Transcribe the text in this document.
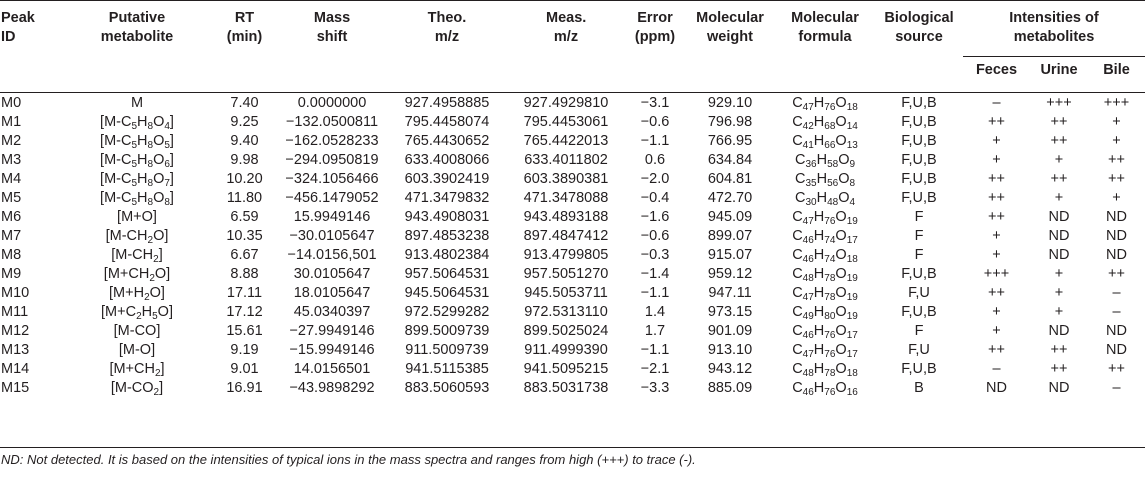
Peak ID	Putative metabolite	RT (min)	Mass shift	Theo. m/z	Meas. m/z	Error (ppm)	Molecular weight	Molecular formula	Biological source	Intensities of metabolites		
										Feces	Urine	Bile
M0	M	7.40	0.0000000	927.4958885	927.4929810	−3.1	929.10	$C_{47}H_{76}O_{18}$	F,U,B	–	+++	+++
M1	$[M-C_5H_8O_4]$	9.25	−132.0500811	795.4458074	795.4453061	−0.6	796.98	$C_{42}H_{68}O_{14}$	F,U,B	++	++	+
M2	$[M-C_5H_8O_5]$	9.40	−162.0528233	765.4430652	765.4422013	−1.1	766.95	$C_{41}H_{66}O_{13}$	F,U,B	+	++	+
M3	$[M-C_5H_8O_6]$	9.98	−294.0950819	633.4008066	633.4011802	0.6	634.84	$C_{36}H_{58}O_9$	F,U,B	+	+	++
M4	$[M-C_5H_8O_7]$	10.20	−324.1056466	603.3902419	603.3890381	−2.0	604.81	$C_{35}H_{56}O_8$	F,U,B	++	++	++
M5	$[M-C_5H_8O_8]$	11.80	−456.1479052	471.3479832	471.3478088	−0.4	472.70	$C_{30}H_{48}O_4$	F,U,B	++	+	+
M6	[M+O]	6.59	15.9949146	943.4908031	943.4893188	−1.6	945.09	$C_{47}H_{76}O_{19}$	F	++	ND	ND
M7	$[M-CH_2O]$	10.35	−30.0105647	897.4853238	897.4847412	−0.6	899.07	$C_{46}H_{74}O_{17}$	F	+	ND	ND
M8	$[M-CH_2]$	6.67	−14.0156,501	913.4802384	913.4799805	−0.3	915.07	$C_{46}H_{74}O_{18}$	F	+	ND	ND
M9	$[M+CH_2O]$	8.88	30.0105647	957.5064531	957.5051270	−1.4	959.12	$C_{48}H_{78}O_{19}$	F,U,B	+++	+	++
M10	$[M+H_2O]$	17.11	18.0105647	945.5064531	945.5053711	−1.1	947.11	$C_{47}H_{78}O_{19}$	F,U	++	+	–
M11	$[M+C_2H_5O]$	17.12	45.0340397	972.5299282	972.5313110	1.4	973.15	$C_{49}H_{80}O_{19}$	F,U,B	+	+	–
M12	[M-CO]	15.61	−27.9949146	899.5009739	899.5025024	1.7	901.09	$C_{46}H_{76}O_{17}$	F	+	ND	ND
M13	[M-O]	9.19	−15.9949146	911.5009739	911.4999390	−1.1	913.10	$C_{47}H_{76}O_{17}$	F,U	++	++	ND
M14	$[M+CH_2]$	9.01	14.0156501	941.5115385	941.5095215	−2.1	943.12	$C_{48}H_{78}O_{18}$	F,U,B	–	++	++
M15	$[M-CO_2]$	16.91	−43.9898292	883.5060593	883.5031738	−3.3	885.09	$C_{46}H_{76}O_{16}$	B	ND	ND	–
ND: Not detected. It is based on the intensities of typical ions in the mass spectra and ranges from high (+++) to trace (-).
